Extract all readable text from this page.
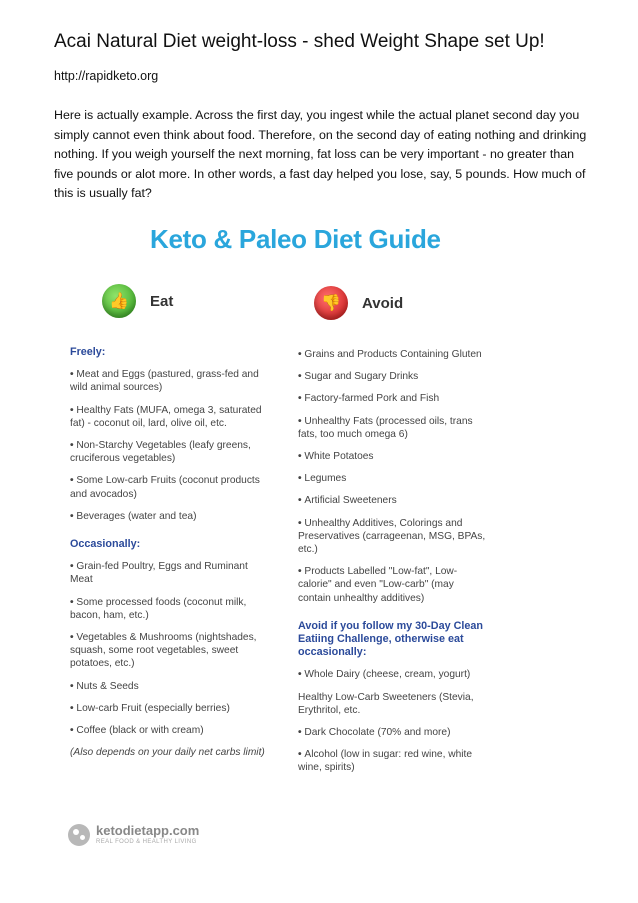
Acai Natural Diet weight-loss - shed Weight Shape set Up!
http://rapidketo.org
Here is actually example. Across the first day, you ingest while the actual planet second day you simply cannot even think about food. Therefore, on the second day of eating nothing and drinking nothing. If you weigh yourself the next morning, fat loss can be very important - no greater than five pounds or alot more. In other words, a fast day helped you lose, say, 5 pounds. How much of this is usually fat?
Keto & Paleo Diet Guide
👍	Eat	👎	Avoid
Freely:
• Meat and Eggs (pastured, grass-fed and wild animal sources)
• Healthy Fats (MUFA, omega 3, saturated fat) - coconut oil, lard, olive oil, etc.
• Non-Starchy Vegetables (leafy greens, cruciferous vegetables)
• Some Low-carb Fruits (coconut products and avocados)
• Beverages (water and tea)
Occasionally:
• Grain-fed Poultry, Eggs and Ruminant Meat
• Some processed foods (coconut milk, bacon, ham, etc.)
• Vegetables & Mushrooms (nightshades, squash, some root vegetables, sweet potatoes, etc.)
• Nuts & Seeds
• Low-carb Fruit (especially berries)
• Coffee (black or with cream)
(Also depends on your daily net carbs limit)
• Grains and Products Containing Gluten
• Sugar and Sugary Drinks
• Factory-farmed Pork and Fish
• Unhealthy Fats (processed oils, trans fats, too much omega 6)
• White Potatoes
• Legumes
• Artificial Sweeteners
• Unhealthy Additives, Colorings and Preservatives (carrageenan, MSG, BPAs, etc.)
• Products Labelled "Low-fat", Low-calorie" and even "Low-carb" (may contain unhealthy additives)
Avoid if you follow my 30-Day Clean Eatiing Challenge, otherwise eat occasionally:
• Whole Dairy (cheese, cream, yogurt)
Healthy Low-Carb Sweeteners (Stevia, Erythritol, etc.
• Dark Chocolate (70% and more)
• Alcohol (low in sugar: red wine, white wine, spirits)
ketodietapp.com
REAL FOOD & HEALTHY LIVING
